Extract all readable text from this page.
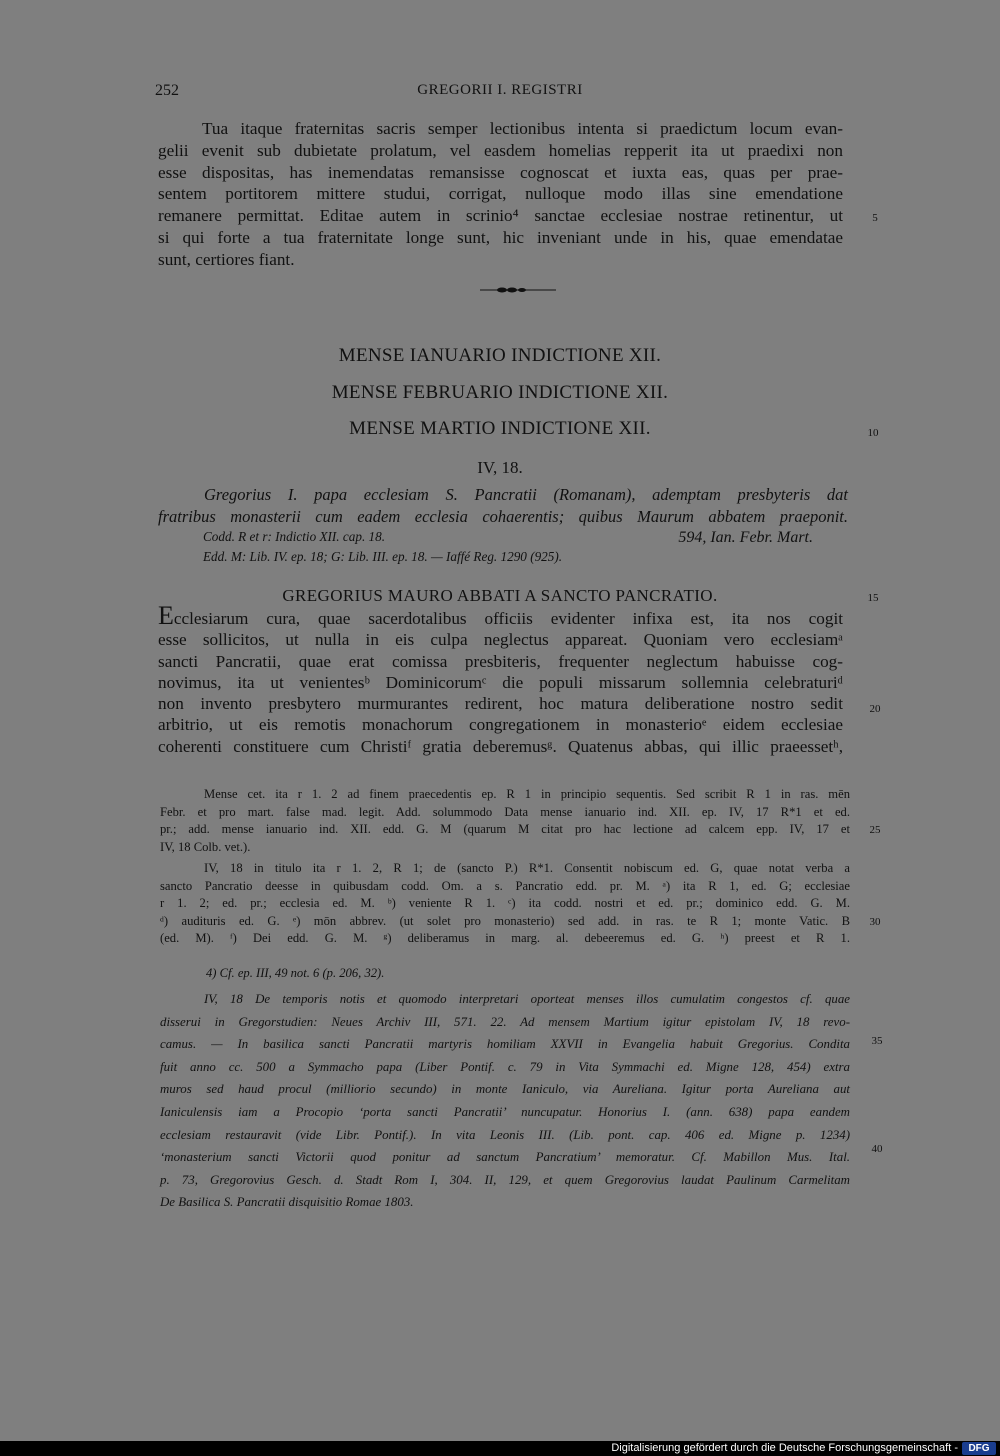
252	GREGORII I. REGISTRI
Tua itaque fraternitas sacris semper lectionibus intenta si praedictum locum evan-
gelii evenit sub dubietate prolatum, vel easdem homelias repperit ita ut praedixi non
esse dispositas, has inemendatas remansisse cognoscat et iuxta eas, quas per prae-
sentem portitorem mittere studui, corrigat, nulloque modo illas sine emendatione
remanere permittat. Editae autem in scrinio⁴ sanctae ecclesiae nostrae retinentur, ut
si qui forte a tua fraternitate longe sunt, hic inveniant unde in his, quae emendatae
sunt, certiores fiant.
MENSE IANUARIO INDICTIONE XII.
MENSE FEBRUARIO INDICTIONE XII.
MENSE MARTIO INDICTIONE XII.
IV, 18.
Gregorius I. papa ecclesiam S. Pancratii (Romanam), ademptam presbyteris dat
fratribus monasterii cum eadem ecclesia cohaerentis; quibus Maurum abbatem praeponit.
Codd. R et r: Indictio XII. cap. 18.	594, Ian. Febr. Mart.
Edd. M: Lib. IV. ep. 18; G: Lib. III. ep. 18. — Iaffé Reg. 1290 (925).
GREGORIUS MAURO ABBATI A SANCTO PANCRATIO.
Ecclesiarum cura, quae sacerdotalibus officiis evidenter infixa est, ita nos cogit
esse sollicitos, ut nulla in eis culpa neglectus appareat. Quoniam vero ecclesiamᵃ
sancti Pancratii, quae erat comissa presbiteris, frequenter neglectum habuisse cog-
novimus, ita ut venientesᵇ Dominicorumᶜ die populi missarum sollemnia celebraturiᵈ
non invento presbytero murmurantes redirent, hoc matura deliberatione nostro sedit
arbitrio, ut eis remotis monachorum congregationem in monasterioᵉ eidem ecclesiae
coherenti constituere cum Christiᶠ gratia deberemusᵍ. Quatenus abbas, qui illic praeessetʰ,
Mense cet. ita r 1. 2 ad finem praecedentis ep. R 1 in principio sequentis. Sed scribit R 1 in ras. mēn
Febr. et pro mart. false mad. legit. Add. solummodo Data mense ianuario ind. XII. ep. IV, 17 R*1 et ed.
pr.; add. mense ianuario ind. XII. edd. G. M (quarum M citat pro hac lectione ad calcem epp. IV, 17 et
IV, 18 Colb. vet.).
IV, 18 in titulo ita r 1. 2, R 1; de (sancto P.) R*1. Consentit nobiscum ed. G, quae notat verba a
sancto Pancratio deesse in quibusdam codd. Om. a s. Pancratio edd. pr. M. ᵃ) ita R 1, ed. G; ecclesiae
r 1. 2; ed. pr.; ecclesia ed. M. ᵇ) veniente R 1. ᶜ) ita codd. nostri et ed. pr.; dominico edd. G. M.
ᵈ) audituris ed. G. ᵉ) mōn abbrev. (ut solet pro monasterio) sed add. in ras. te R 1; monte Vatic. B
(ed. M). ᶠ) Dei edd. G. M. ᵍ) deliberamus in marg. al. debeeremus ed. G. ʰ) preest et R 1.
4) Cf. ep. III, 49 not. 6 (p. 206, 32).
IV, 18 De temporis notis et quomodo interpretari oporteat menses illos cumulatim congestos cf. quae
disserui in Gregorstudien: Neues Archiv III, 571. 22. Ad mensem Martium igitur epistolam IV, 18 revo-
camus. — In basilica sancti Pancratii martyris homiliam XXVII in Evangelia habuit Gregorius. Condita
fuit anno cc. 500 a Symmacho papa (Liber Pontif. c. 79 in Vita Symmachi ed. Migne 128, 454) extra
muros sed haud procul (milliorio secundo) in monte Ianiculo, via Aureliana. Igitur porta Aureliana aut
Ianiculensis iam a Procopio ‘porta sancti Pancratii’ nuncupatur. Honorius I. (ann. 638) papa eandem
ecclesiam restauravit (vide Libr. Pontif.). In vita Leonis III. (Lib. pont. cap. 406 ed. Migne p. 1234)
‘monasterium sancti Victorii quod ponitur ad sanctum Pancratium’ memoratur. Cf. Mabillon Mus. Ital.
p. 73, Gregorovius Gesch. d. Stadt Rom I, 304. II, 129, et quem Gregorovius laudat Paulinum Carmelitam
De Basilica S. Pancratii disquisitio Romae 1803.
5
10
15
20
25
30
35
40
Digitalisierung gefördert durch die Deutsche Forschungsgemeinschaft -	DFG
